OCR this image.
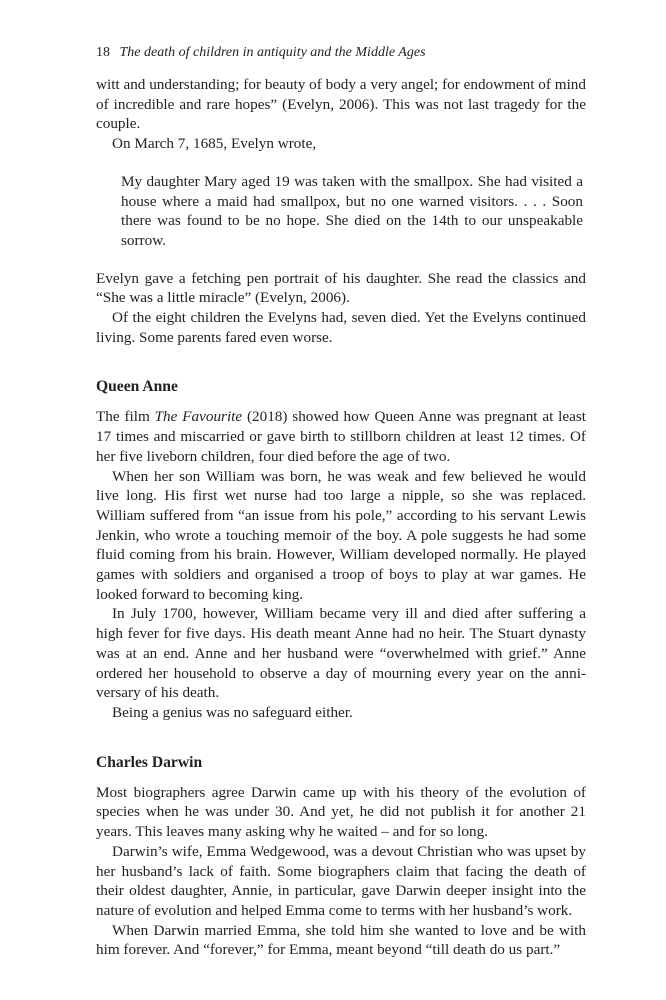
18 The death of children in antiquity and the Middle Ages

witt and understanding; for beauty of body a very angel; for endowment of mind of incredible and rare hopes” (Evelyn, 2006). This was not last tragedy for the couple.

On March 7, 1685, Evelyn wrote,

My daughter Mary aged 19 was taken with the smallpox. She had visited a house where a maid had smallpox, but no one warned visitors. . . . Soon there was found to be no hope. She died on the 14th to our unspeakable sorrow.

Evelyn gave a fetching pen portrait of his daughter. She read the classics and “She was a little miracle” (Evelyn, 2006).

Of the eight children the Evelyns had, seven died. Yet the Evelyns continued living. Some parents fared even worse.

Queen Anne

The film The Favourite (2018) showed how Queen Anne was pregnant at least 17 times and miscarried or gave birth to stillborn children at least 12 times. Of her five liveborn children, four died before the age of two.

When her son William was born, he was weak and few believed he would live long. His first wet nurse had too large a nipple, so she was replaced. William suffered from “an issue from his pole,” according to his servant Lewis Jenkin, who wrote a touching memoir of the boy. A pole suggests he had some fluid coming from his brain. However, William developed normally. He played games with soldiers and organised a troop of boys to play at war games. He looked forward to becoming king.

In July 1700, however, William became very ill and died after suffering a high fever for five days. His death meant Anne had no heir. The Stuart dynasty was at an end. Anne and her husband were “overwhelmed with grief.” Anne ordered her household to observe a day of mourning every year on the anniversary of his death.

Being a genius was no safeguard either.

Charles Darwin

Most biographers agree Darwin came up with his theory of the evolution of species when he was under 30. And yet, he did not publish it for another 21 years. This leaves many asking why he waited – and for so long.

Darwin’s wife, Emma Wedgewood, was a devout Christian who was upset by her husband’s lack of faith. Some biographers claim that facing the death of their oldest daughter, Annie, in particular, gave Darwin deeper insight into the nature of evolution and helped Emma come to terms with her husband’s work.

When Darwin married Emma, she told him she wanted to love and be with him forever. And “forever,” for Emma, meant beyond “till death do us part.”
